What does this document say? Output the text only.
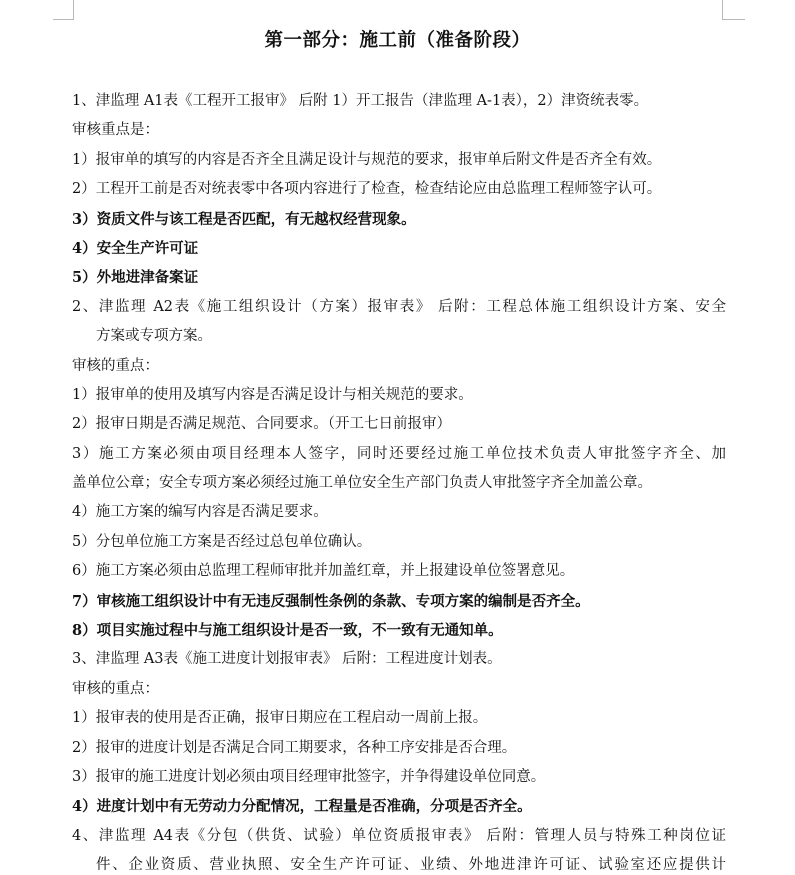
第一部分：施工前（准备阶段）
1、津监理 A1表《工程开工报审》 后附 1）开工报告（津监理 A-1表），2）津资统表零。
审核重点是：
1）报审单的填写的内容是否齐全且满足设计与规范的要求，报审单后附文件是否齐全有效。
2）工程开工前是否对统表零中各项内容进行了检查，检查结论应由总监理工程师签字认可。
3）资质文件与该工程是否匹配，有无越权经营现象。
4）安全生产许可证
5）外地进津备案证
2、津监理 A2表《施工组织设计（方案）报审表》 后附：工程总体施工组织设计方案、安全
方案或专项方案。
审核的重点：
1）报审单的使用及填写内容是否满足设计与相关规范的要求。
2）报审日期是否满足规范、合同要求。（开工七日前报审）
3）施工方案必须由项目经理本人签字，同时还要经过施工单位技术负责人审批签字齐全、加
盖单位公章；安全专项方案必须经过施工单位安全生产部门负责人审批签字齐全加盖公章。
4）施工方案的编写内容是否满足要求。
5）分包单位施工方案是否经过总包单位确认。
6）施工方案必须由总监理工程师审批并加盖红章，并上报建设单位签署意见。
7）审核施工组织设计中有无违反强制性条例的条款、专项方案的编制是否齐全。
8）项目实施过程中与施工组织设计是否一致，不一致有无通知单。
3、津监理 A3表《施工进度计划报审表》 后附：工程进度计划表。
审核的重点：
1）报审表的使用是否正确，报审日期应在工程启动一周前上报。
2）报审的进度计划是否满足合同工期要求，各种工序安排是否合理。
3）报审的施工进度计划必须由项目经理审批签字，并争得建设单位同意。
4）进度计划中有无劳动力分配情况，工程量是否准确，分项是否齐全。
4、津监理 A4表《分包（供货、试验）单位资质报审表》 后附：管理人员与特殊工种岗位证
件、企业资质、营业执照、安全生产许可证、业绩、外地进津许可证、试验室还应提供计
